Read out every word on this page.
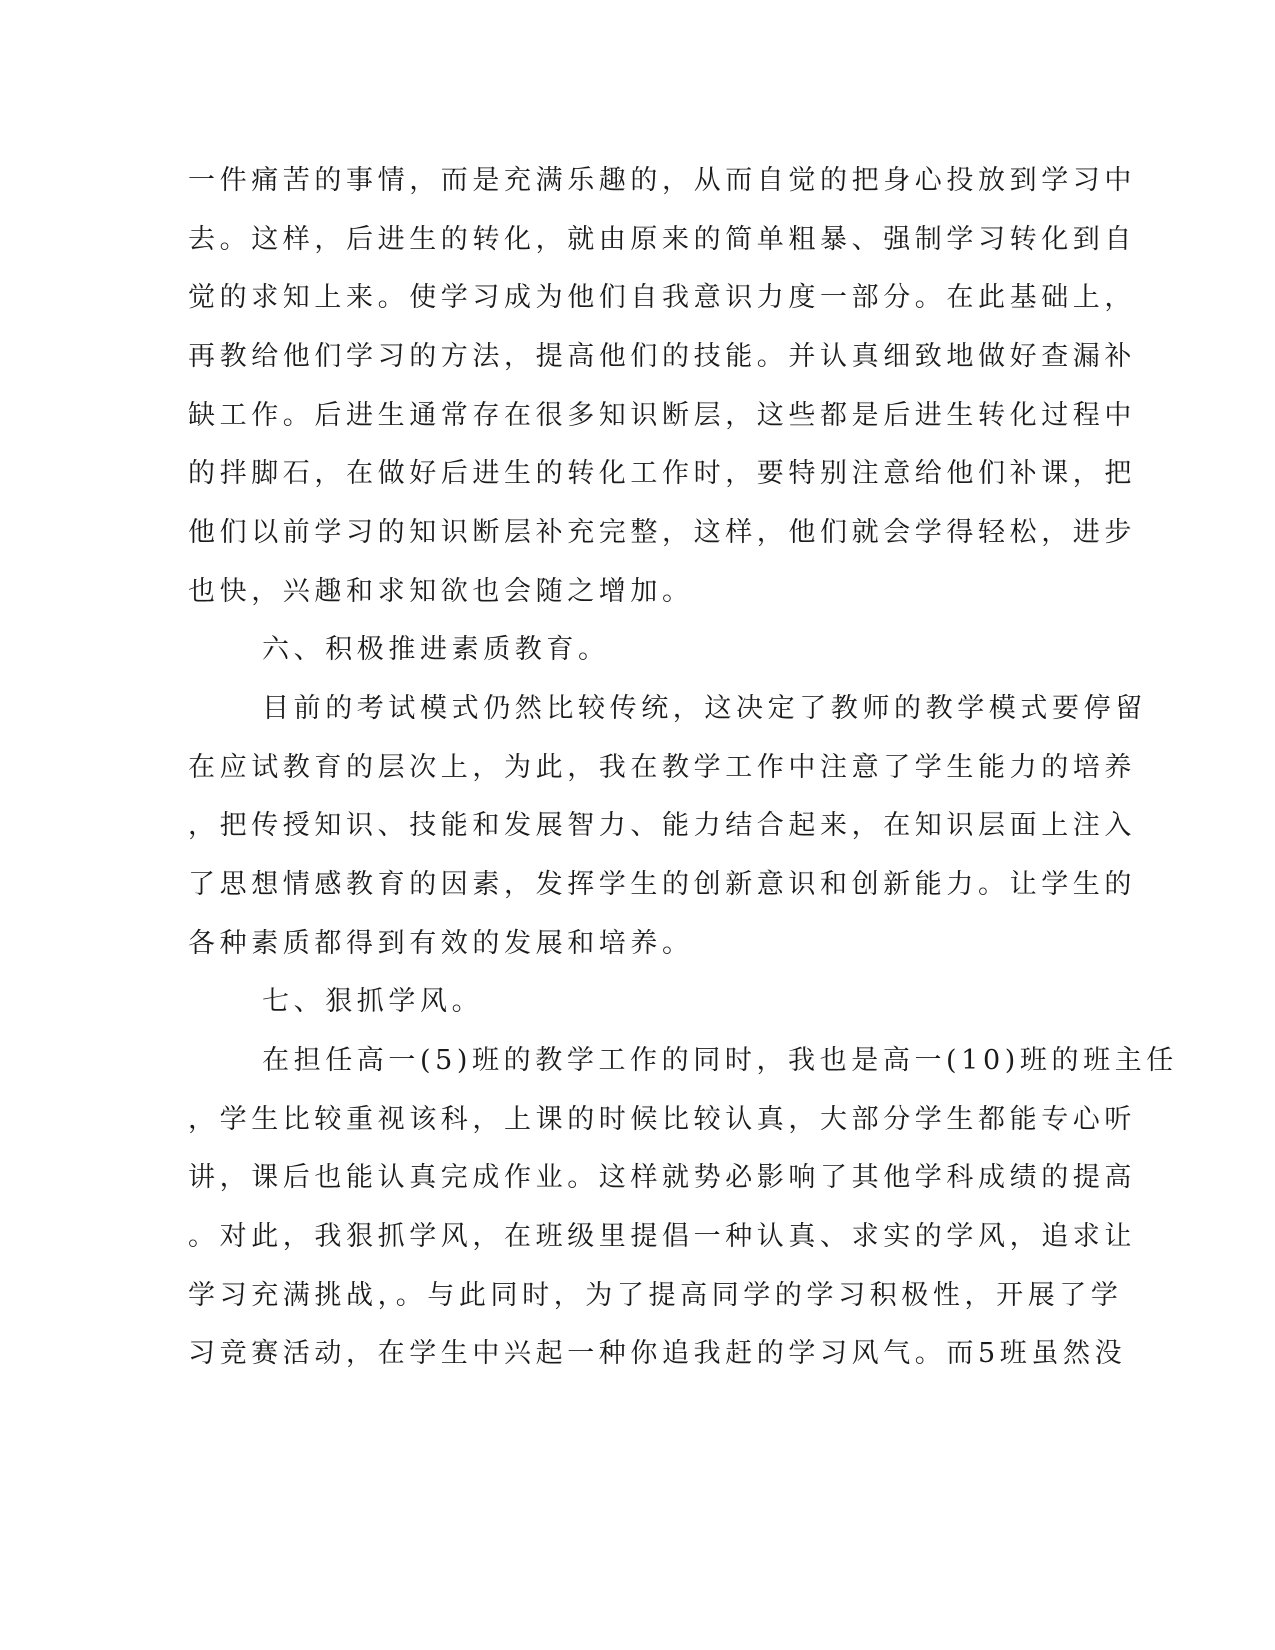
一件痛苦的事情，而是充满乐趣的，从而自觉的把身心投放到学习中
去。这样，后进生的转化，就由原来的简单粗暴、强制学习转化到自
觉的求知上来。使学习成为他们自我意识力度一部分。在此基础上，
再教给他们学习的方法，提高他们的技能。并认真细致地做好查漏补
缺工作。后进生通常存在很多知识断层，这些都是后进生转化过程中
的拌脚石，在做好后进生的转化工作时，要特别注意给他们补课，把
他们以前学习的知识断层补充完整，这样，他们就会学得轻松，进步
也快，兴趣和求知欲也会随之增加。
六、积极推进素质教育。
目前的考试模式仍然比较传统，这决定了教师的教学模式要停留
在应试教育的层次上，为此，我在教学工作中注意了学生能力的培养
，把传授知识、技能和发展智力、能力结合起来，在知识层面上注入
了思想情感教育的因素，发挥学生的创新意识和创新能力。让学生的
各种素质都得到有效的发展和培养。
七、狠抓学风。
在担任高一(5)班的教学工作的同时，我也是高一(10)班的班主任
，学生比较重视该科，上课的时候比较认真，大部分学生都能专心听
讲，课后也能认真完成作业。这样就势必影响了其他学科成绩的提高
。对此，我狠抓学风，在班级里提倡一种认真、求实的学风，追求让
学习充满挑战，。与此同时，为了提高同学的学习积极性，开展了学
习竞赛活动，在学生中兴起一种你追我赶的学习风气。而5班虽然没
